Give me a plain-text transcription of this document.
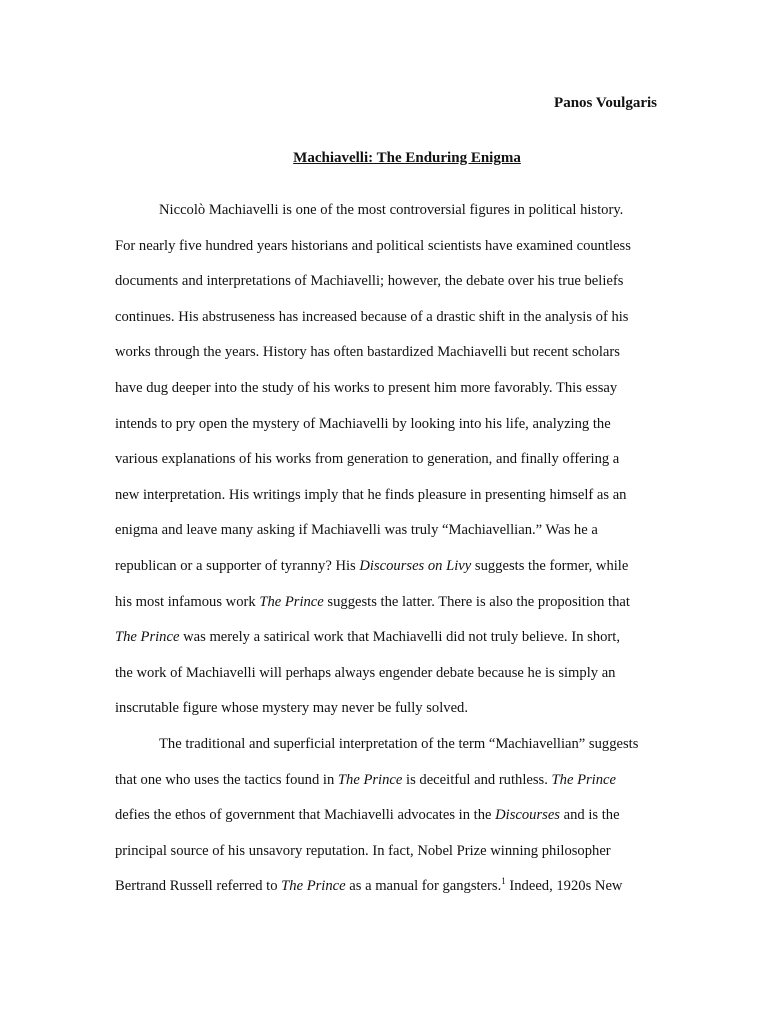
Panos Voulgaris
Machiavelli: The Enduring Enigma
Niccolò Machiavelli is one of the most controversial figures in political history.
For nearly five hundred years historians and political scientists have examined countless
documents and interpretations of Machiavelli; however, the debate over his true beliefs
continues. His abstruseness has increased because of a drastic shift in the analysis of his
works through the years. History has often bastardized Machiavelli but recent scholars
have dug deeper into the study of his works to present him more favorably. This essay
intends to pry open the mystery of Machiavelli by looking into his life, analyzing the
various explanations of his works from generation to generation, and finally offering a
new interpretation. His writings imply that he finds pleasure in presenting himself as an
enigma and leave many asking if Machiavelli was truly “Machiavellian.” Was he a
republican or a supporter of tyranny? His Discourses on Livy suggests the former, while
his most infamous work The Prince suggests the latter. There is also the proposition that
The Prince was merely a satirical work that Machiavelli did not truly believe. In short,
the work of Machiavelli will perhaps always engender debate because he is simply an
inscrutable figure whose mystery may never be fully solved.
The traditional and superficial interpretation of the term “Machiavellian” suggests
that one who uses the tactics found in The Prince is deceitful and ruthless. The Prince
defies the ethos of government that Machiavelli advocates in the Discourses and is the
principal source of his unsavory reputation. In fact, Nobel Prize winning philosopher
Bertrand Russell referred to The Prince as a manual for gangsters.$^1$ Indeed, 1920s New
